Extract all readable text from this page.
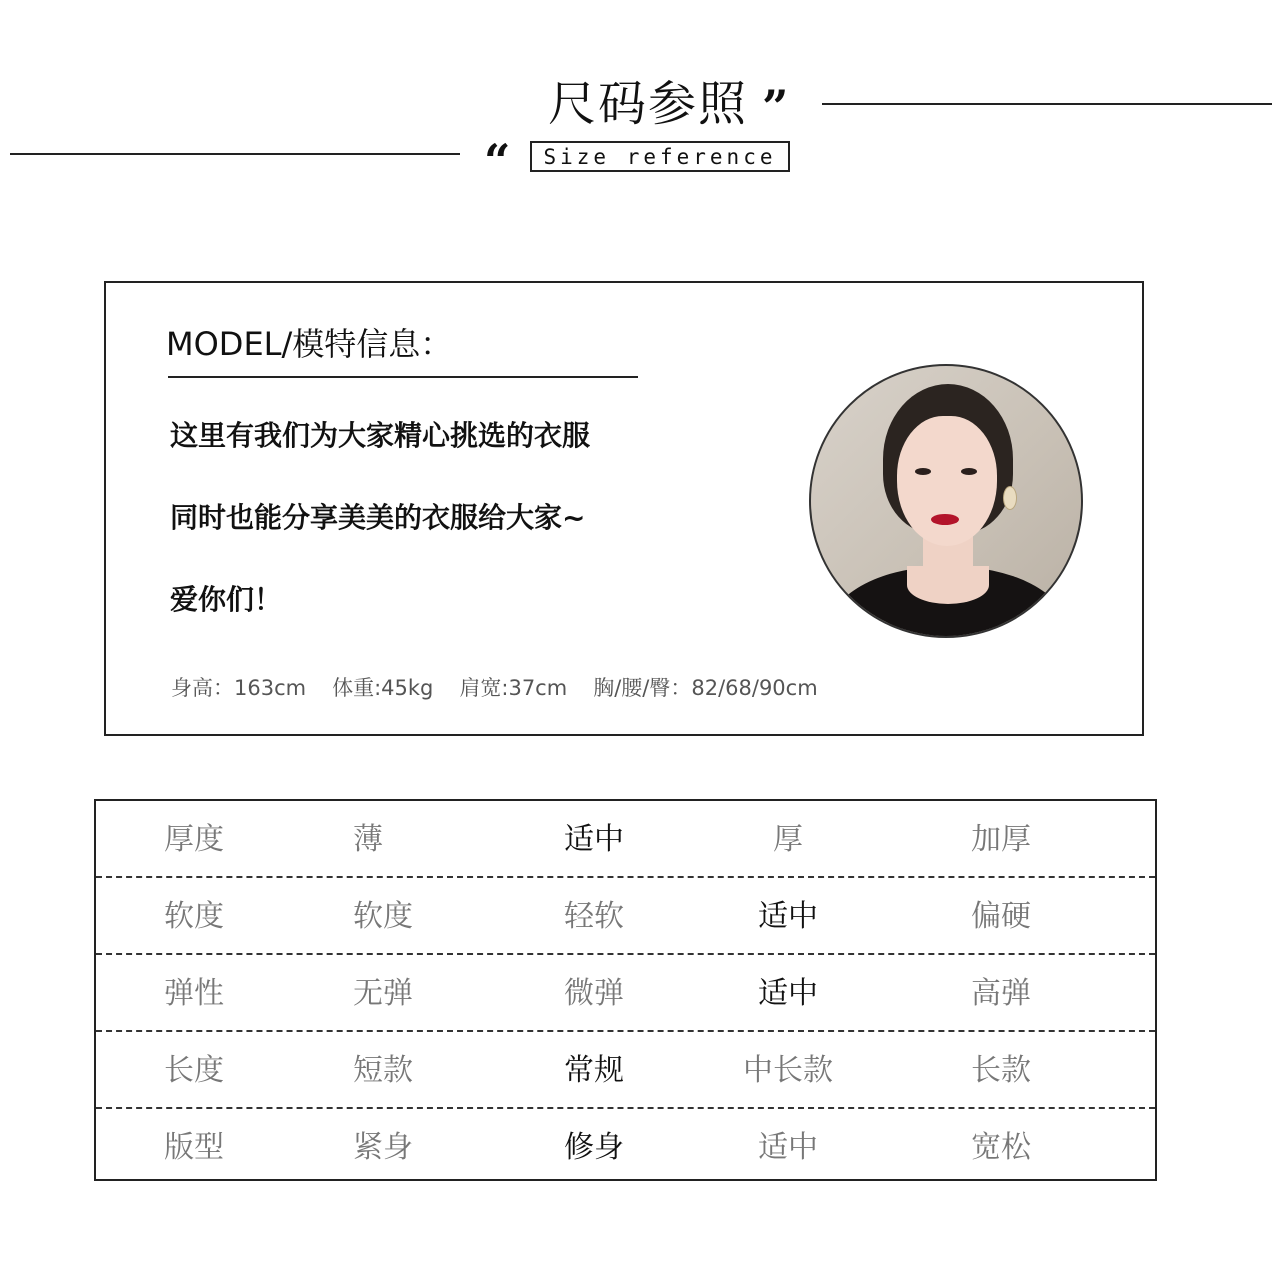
尺码参照 ”
“ Size reference
MODEL/模特信息：
这里有我们为大家精心挑选的衣服
同时也能分享美美的衣服给大家~
爱你们！
身高：163cm 体重:45kg 肩宽:37cm 胸/腰/臀：82/68/90cm
厚度	薄	适中	厚	加厚
软度	软度	轻软	适中	偏硬
弹性	无弹	微弹	适中	高弹
长度	短款	常规	中长款	长款
版型	紧身	修身	适中	宽松
